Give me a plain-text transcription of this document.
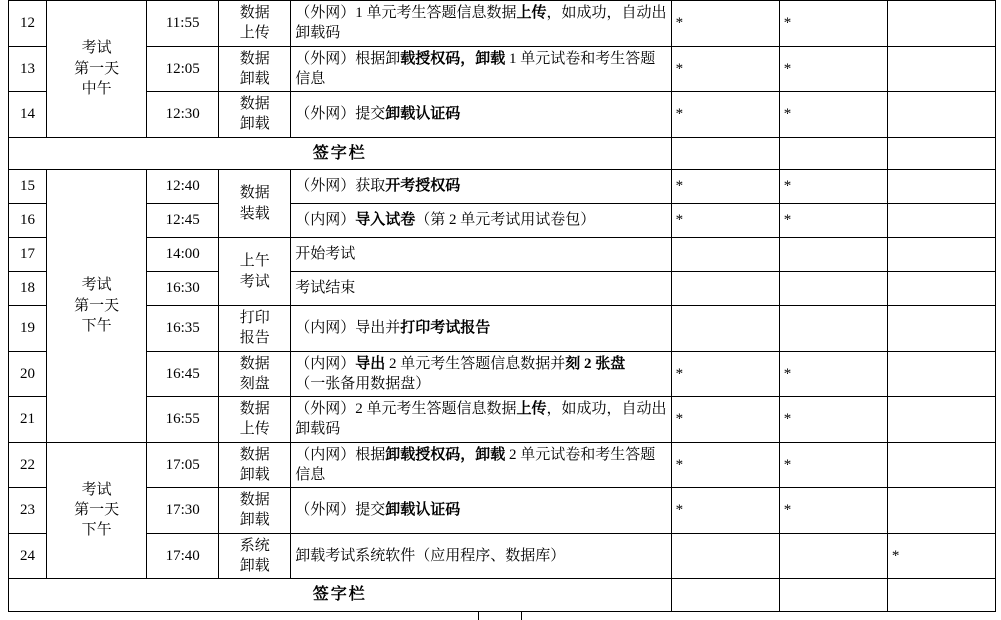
12	考试
第一天
中午	11:55	数据
上传	（外网）1 单元考生答题信息数据上传，如成功，自动出卸载码	*	*	
13		12:05	数据
卸载	（外网）根据卸载授权码，卸载 1 单元试卷和考生答题信息	*	*	
14		12:30	数据
卸载	（外网）提交卸载认证码	*	*	
签字栏							
15	考试
第一天
下午	12:40	数据
装载	（外网）获取开考授权码	*	*	
16		12:45		（内网）导入试卷（第 2 单元考试用试卷包）	*	*	
17		14:00	上午
考试	开始考试			
18		16:30		考试结束			
19		16:35	打印
报告	（内网）导出并打印考试报告			
20		16:45	数据
刻盘	（内网）导出 2 单元考生答题信息数据并刻 2 张盘
（一张备用数据盘）	*	*	
21		16:55	数据
上传	（外网）2 单元考生答题信息数据上传，如成功，自动出卸载码	*	*	
22	考试
第一天
下午	17:05	数据
卸载	（内网）根据卸载授权码，卸载 2 单元试卷和考生答题信息	*	*	
23		17:30	数据
卸载	（外网）提交卸载认证码	*	*	
24		17:40	系统
卸载	卸载考试系统软件（应用程序、数据库）			*
签字栏							
